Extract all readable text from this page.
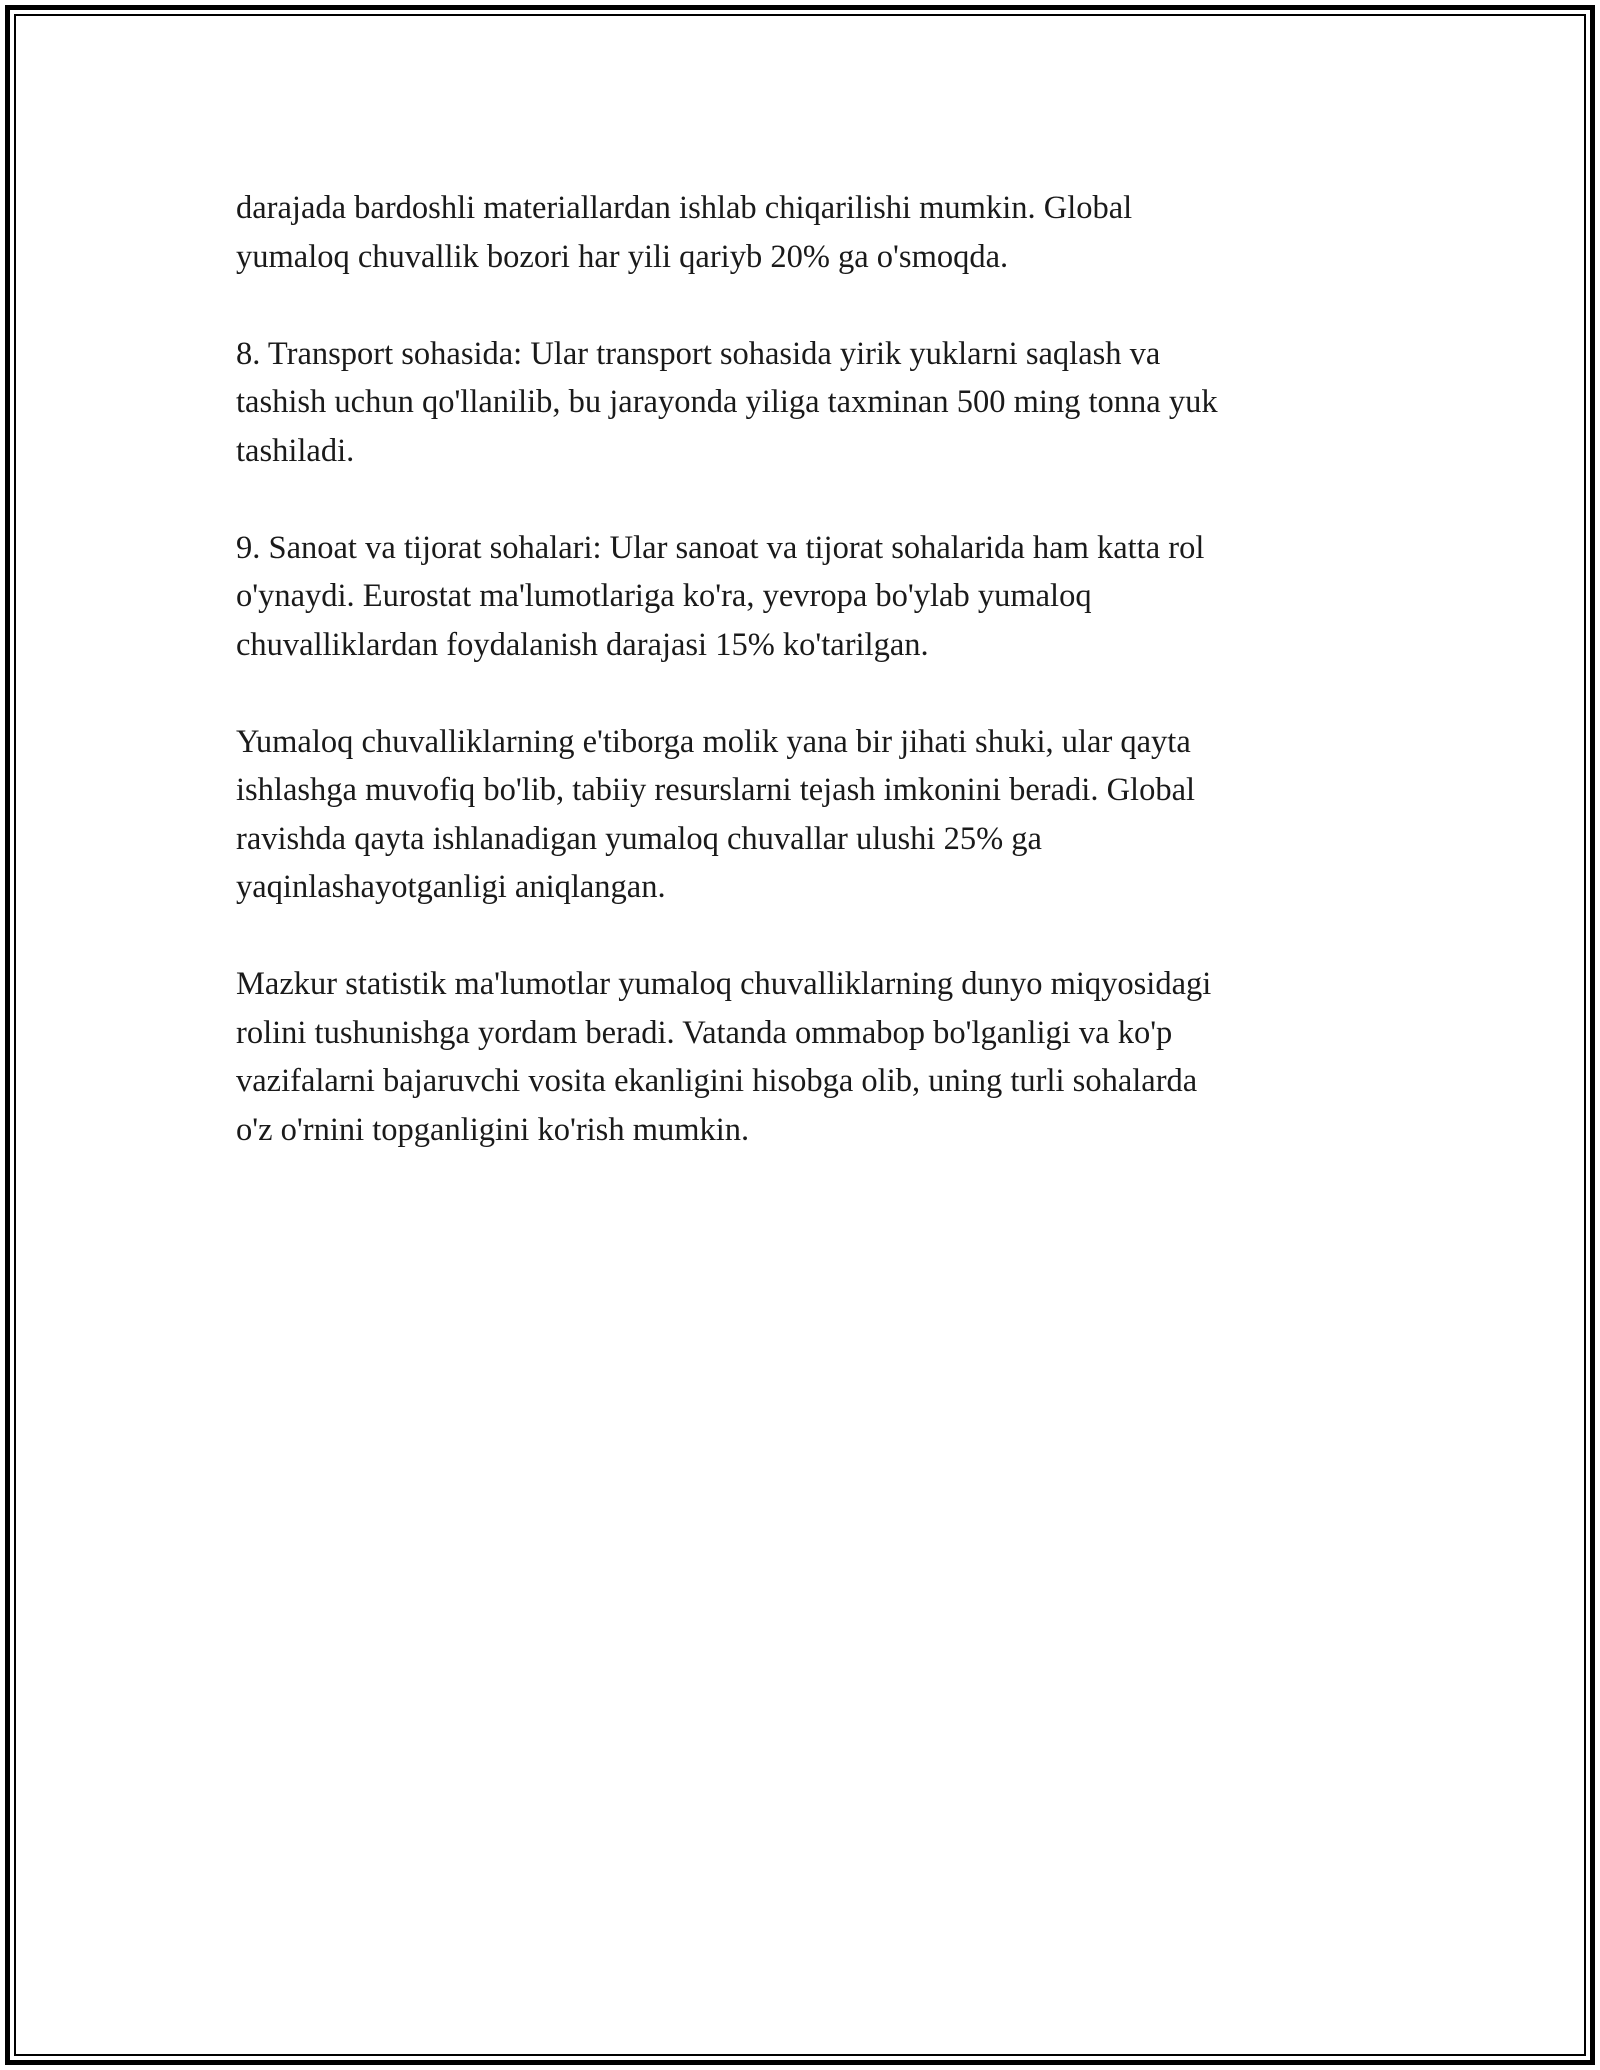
darajada bardoshli materiallardan ishlab chiqarilishi mumkin. Global
yumaloq chuvallik bozori har yili qariyb 20% ga o'smoqda.

8. Transport sohasida: Ular transport sohasida yirik yuklarni saqlash va
tashish uchun qo'llanilib, bu jarayonda yiliga taxminan 500 ming tonna yuk
tashiladi.

9. Sanoat va tijorat sohalari: Ular sanoat va tijorat sohalarida ham katta rol
o'ynaydi. Eurostat ma'lumotlariga ko'ra, yevropa bo'ylab yumaloq
chuvalliklardan foydalanish darajasi 15% ko'tarilgan.

Yumaloq chuvalliklarning e'tiborga molik yana bir jihati shuki, ular qayta
ishlashga muvofiq bo'lib, tabiiy resurslarni tejash imkonini beradi. Global
ravishda qayta ishlanadigan yumaloq chuvallar ulushi 25% ga
yaqinlashayotganligi aniqlangan.

Mazkur statistik ma'lumotlar yumaloq chuvalliklarning dunyo miqyosidagi
rolini tushunishga yordam beradi. Vatanda ommabop bo'lganligi va ko'p
vazifalarni bajaruvchi vosita ekanligini hisobga olib, uning turli sohalarda
o'z o'rnini topganligini ko'rish mumkin.
